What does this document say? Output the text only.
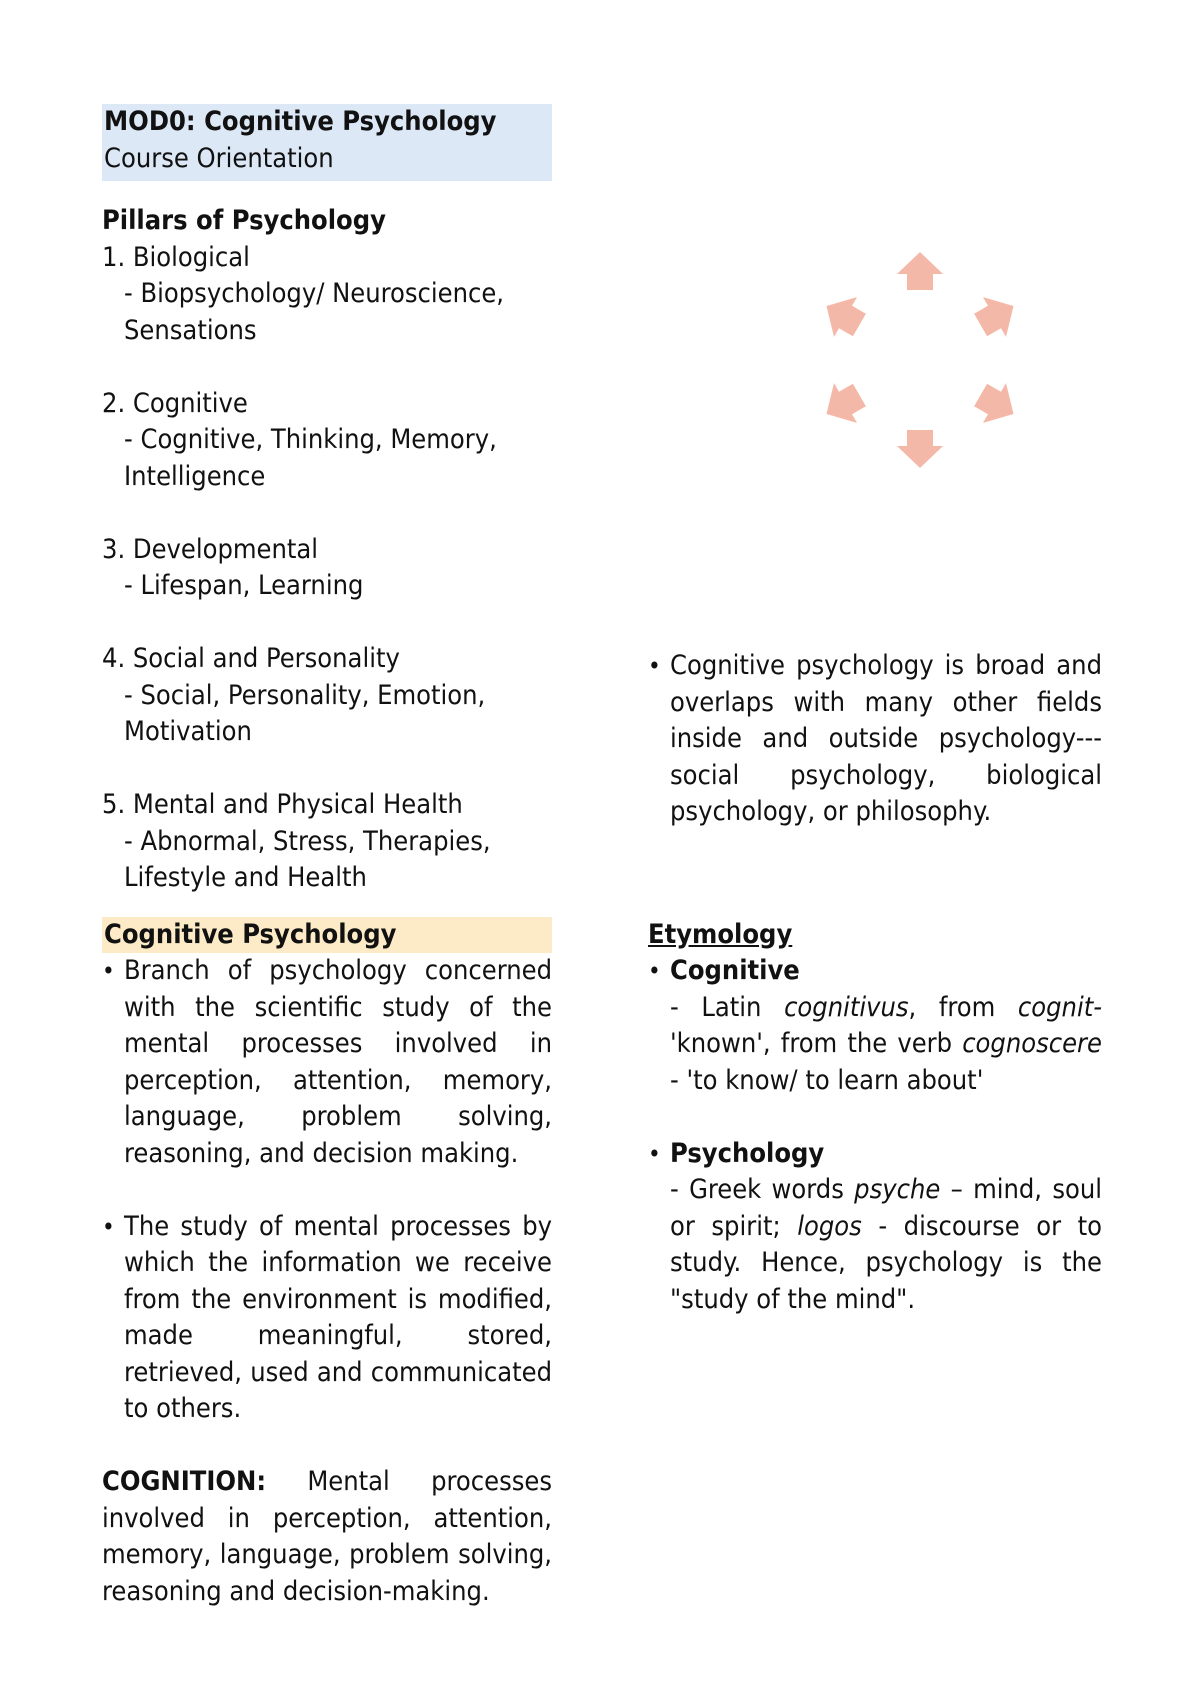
MOD0: Cognitive Psychology

Course Orientation

Pillars of Psychology

1. Biological

- Biopsychology/ Neuroscience,

Sensations

2. Cognitive

- Cognitive, Thinking, Memory,

Intelligence

3. Developmental

- Lifespan, Learning

4. Social and Personality

- Social, Personality, Emotion,

Motivation

5. Mental and Physical Health

- Abnormal, Stress, Therapies,

Lifestyle and Health

Cognitive Psychology

• Branch of psychology concerned with the scientific study of the mental processes involved in perception, attention, memory, language, problem solving, reasoning, and decision making.
• The study of mental processes by which the information we receive from the environment is modified, made meaningful, stored, retrieved, used and communicated to others.

COGNITION: Mental processes involved in perception, attention, memory, language, problem solving, reasoning and decision-making.

• Cognitive psychology is broad and overlaps with many other fields inside and outside psychology---social psychology, biological psychology, or philosophy.

Etymology

• Cognitive
- Latin cognitivus, from cognit- 'known', from the verb cognoscere - 'to know/ to learn about'
• Psychology
- Greek words psyche – mind, soul or spirit; logos - discourse or to study. Hence, psychology is the "study of the mind".
